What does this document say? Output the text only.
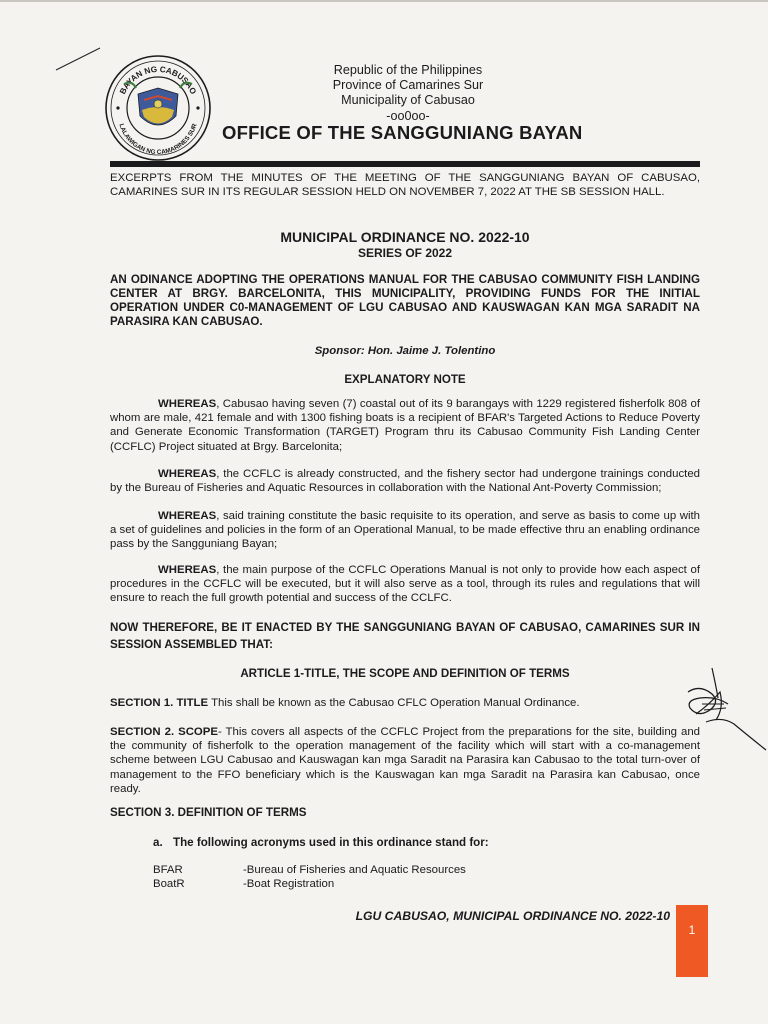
BAYAN NG CABUSAO
LALAWIGAN NG CAMARINES SUR
Republic of the Philippines
Province of Camarines Sur
Municipality of Cabusao
-oo0oo-
OFFICE OF THE SANGGUNIANG BAYAN
EXCERPTS FROM THE MINUTES OF THE MEETING OF THE SANGGUNIANG BAYAN OF CABUSAO, CAMARINES SUR IN ITS REGULAR SESSION HELD ON NOVEMBER 7, 2022 AT THE SB SESSION HALL.
MUNICIPAL ORDINANCE NO. 2022-10
SERIES OF 2022
AN ODINANCE ADOPTING THE OPERATIONS MANUAL FOR THE CABUSAO COMMUNITY FISH LANDING CENTER AT BRGY. BARCELONITA, THIS MUNICIPALITY, PROVIDING FUNDS FOR THE INITIAL OPERATION UNDER C0-MANAGEMENT OF LGU CABUSAO AND KAUSWAGAN KAN MGA SARADIT NA PARASIRA KAN CABUSAO.
Sponsor: Hon. Jaime J. Tolentino
EXPLANATORY NOTE
WHEREAS, Cabusao having seven (7) coastal out of its 9 barangays with 1229 registered fisherfolk 808 of whom are male, 421 female and with 1300 fishing boats is a recipient of BFAR's Targeted Actions to Reduce Poverty and Generate Economic Transformation (TARGET) Program thru its Cabusao Community Fish Landing Center (CCFLC) Project situated at Brgy. Barcelonita;
WHEREAS, the CCFLC is already constructed, and the fishery sector had undergone trainings conducted by the Bureau of Fisheries and Aquatic Resources in collaboration with the National Ant-Poverty Commission;
WHEREAS, said training constitute the basic requisite to its operation, and serve as basis to come up with a set of guidelines and policies in the form of an Operational Manual, to be made effective thru an enabling ordinance pass by the Sangguniang Bayan;
WHEREAS, the main purpose of the CCFLC Operations Manual is not only to provide how each aspect of procedures in the CCFLC will be executed, but it will also serve as a tool, through its rules and regulations that will ensure to reach the full growth potential and success of the CCLFC.
NOW THEREFORE, BE IT ENACTED BY THE SANGGUNIANG BAYAN OF CABUSAO, CAMARINES SUR IN SESSION ASSEMBLED THAT:
ARTICLE 1-TITLE, THE SCOPE AND DEFINITION OF TERMS
SECTION 1. TITLE This shall be known as the Cabusao CFLC Operation Manual Ordinance.
SECTION 2. SCOPE- This covers all aspects of the CCFLC Project from the preparations for the site, building and the community of fisherfolk to the operation management of the facility which will start with a co-management scheme between LGU Cabusao and Kauswagan kan mga Saradit na Parasira kan Cabusao to the total turn-over of management to the FFO beneficiary which is the Kauswagan kan mga Saradit na Parasira kan Cabusao, once ready.
SECTION 3. DEFINITION OF TERMS
a. The following acronyms used in this ordinance stand for:
BFAR	-Bureau of Fisheries and Aquatic Resources
BoatR	-Boat Registration
LGU CABUSAO, MUNICIPAL ORDINANCE NO. 2022-10
1
